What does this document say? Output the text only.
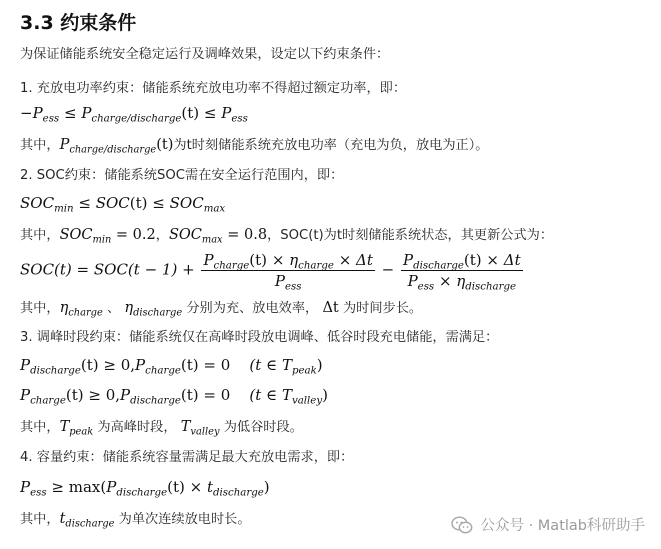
3.3 约束条件
为保证储能系统安全稳定运行及调峰效果，设定以下约束条件：
1. 充放电功率约束：储能系统充放电功率不得超过额定功率，即：
$-P_{ess} \le P_{charge/discharge}(t) \le P_{ess}$
其中，$P_{charge/discharge}(t)$为t时刻储能系统充放电功率（充电为负，放电为正）。
2. SOC约束：储能系统SOC需在安全运行范围内，即：
$SOC_{min} \le SOC(t) \le SOC_{max}$
其中，$SOC_{min} = 0.2$，$SOC_{max} = 0.8$，SOC(t)为t时刻储能系统状态，其更新公式为：
$SOC(t) = SOC(t - 1) + \frac{P_{charge}(t) \times \eta_{charge} \times \Delta t}{P_{ess}} - \frac{P_{discharge}(t) \times \Delta t}{P_{ess} \times \eta_{discharge}}$
其中，$\eta_{charge}$ 、 $\eta_{discharge}$ 分别为充、放电效率， Δt 为时间步长。
3. 调峰时段约束：储能系统仅在高峰时段放电调峰、低谷时段充电储能，需满足：
$P_{discharge}(t) \ge 0,P_{charge}(t) = 0$ (t ∈ $T_{peak}$)
$P_{charge}(t) \ge 0,P_{discharge}(t) = 0$ (t ∈ $T_{valley}$)
其中，$T_{peak}$ 为高峰时段， $T_{valley}$ 为低谷时段。
4. 容量约束：储能系统容量需满足最大充放电需求，即：
$P_{ess} \ge \max(P_{discharge}(t) \times t_{discharge})$
其中，$t_{discharge}$ 为单次连续放电时长。	公众号 · Matlab科研助手
